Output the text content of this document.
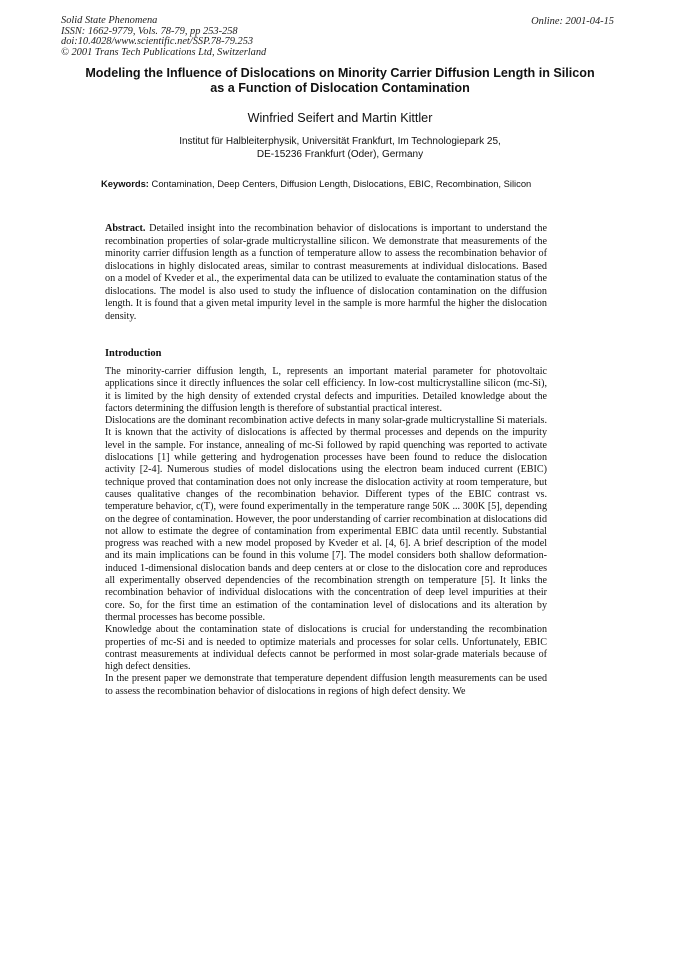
Solid State Phenomena
ISSN: 1662-9779, Vols. 78-79, pp 253-258
doi:10.4028/www.scientific.net/SSP.78-79.253
© 2001 Trans Tech Publications Ltd, Switzerland
Online: 2001-04-15
Modeling the Influence of Dislocations on Minority Carrier Diffusion Length in Silicon as a Function of Dislocation Contamination
Winfried Seifert and Martin Kittler
Institut für Halbleiterphysik, Universität Frankfurt, Im Technologiepark 25,
DE-15236 Frankfurt (Oder), Germany
Keywords: Contamination, Deep Centers, Diffusion Length, Dislocations, EBIC, Recombination, Silicon
Abstract. Detailed insight into the recombination behavior of dislocations is important to understand the recombination properties of solar-grade multicrystalline silicon. We demonstrate that measurements of the minority carrier diffusion length as a function of temperature allow to assess the recombination behavior of dislocations in highly dislocated areas, similar to contrast measurements at individual dislocations. Based on a model of Kveder et al., the experimental data can be utilized to evaluate the contamination status of the dislocations. The model is also used to study the influence of dislocation contamination on the diffusion length. It is found that a given metal impurity level in the sample is more harmful the higher the dislocation density.
Introduction

The minority-carrier diffusion length, L, represents an important material parameter for photovoltaic applications since it directly influences the solar cell efficiency. In low-cost multicrystalline silicon (mc-Si), it is limited by the high density of extended crystal defects and impurities. Detailed knowledge about the factors determining the diffusion length is therefore of substantial practical interest.

Dislocations are the dominant recombination active defects in many solar-grade multicrystalline Si materials. It is known that the activity of dislocations is affected by thermal processes and depends on the impurity level in the sample. For instance, annealing of mc-Si followed by rapid quenching was reported to activate dislocations [1] while gettering and hydrogenation processes have been found to reduce the dislocation activity [2-4]. Numerous studies of model dislocations using the electron beam induced current (EBIC) technique proved that contamination does not only increase the dislocation activity at room temperature, but causes qualitative changes of the recombination behavior. Different types of the EBIC contrast vs. temperature behavior, c(T), were found experimentally in the temperature range 50K ... 300K [5], depending on the degree of contamination. However, the poor understanding of carrier recombination at dislocations did not allow to estimate the degree of contamination from experimental EBIC data until recently. Substantial progress was reached with a new model proposed by Kveder et al. [4, 6]. A brief description of the model and its main implications can be found in this volume [7]. The model considers both shallow deformation-induced 1-dimensional dislocation bands and deep centers at or close to the dislocation core and reproduces all experimentally observed dependencies of the recombination strength on temperature [5]. It links the recombination behavior of individual dislocations with the concentration of deep level impurities at their core. So, for the first time an estimation of the contamination level of dislocations and its alteration by thermal processes has become possible.

Knowledge about the contamination state of dislocations is crucial for understanding the recombination properties of mc-Si and is needed to optimize materials and processes for solar cells. Unfortunately, EBIC contrast measurements at individual defects cannot be performed in most solar-grade materials because of high defect densities.

In the present paper we demonstrate that temperature dependent diffusion length measurements can be used to assess the recombination behavior of dislocations in regions of high defect density. We
